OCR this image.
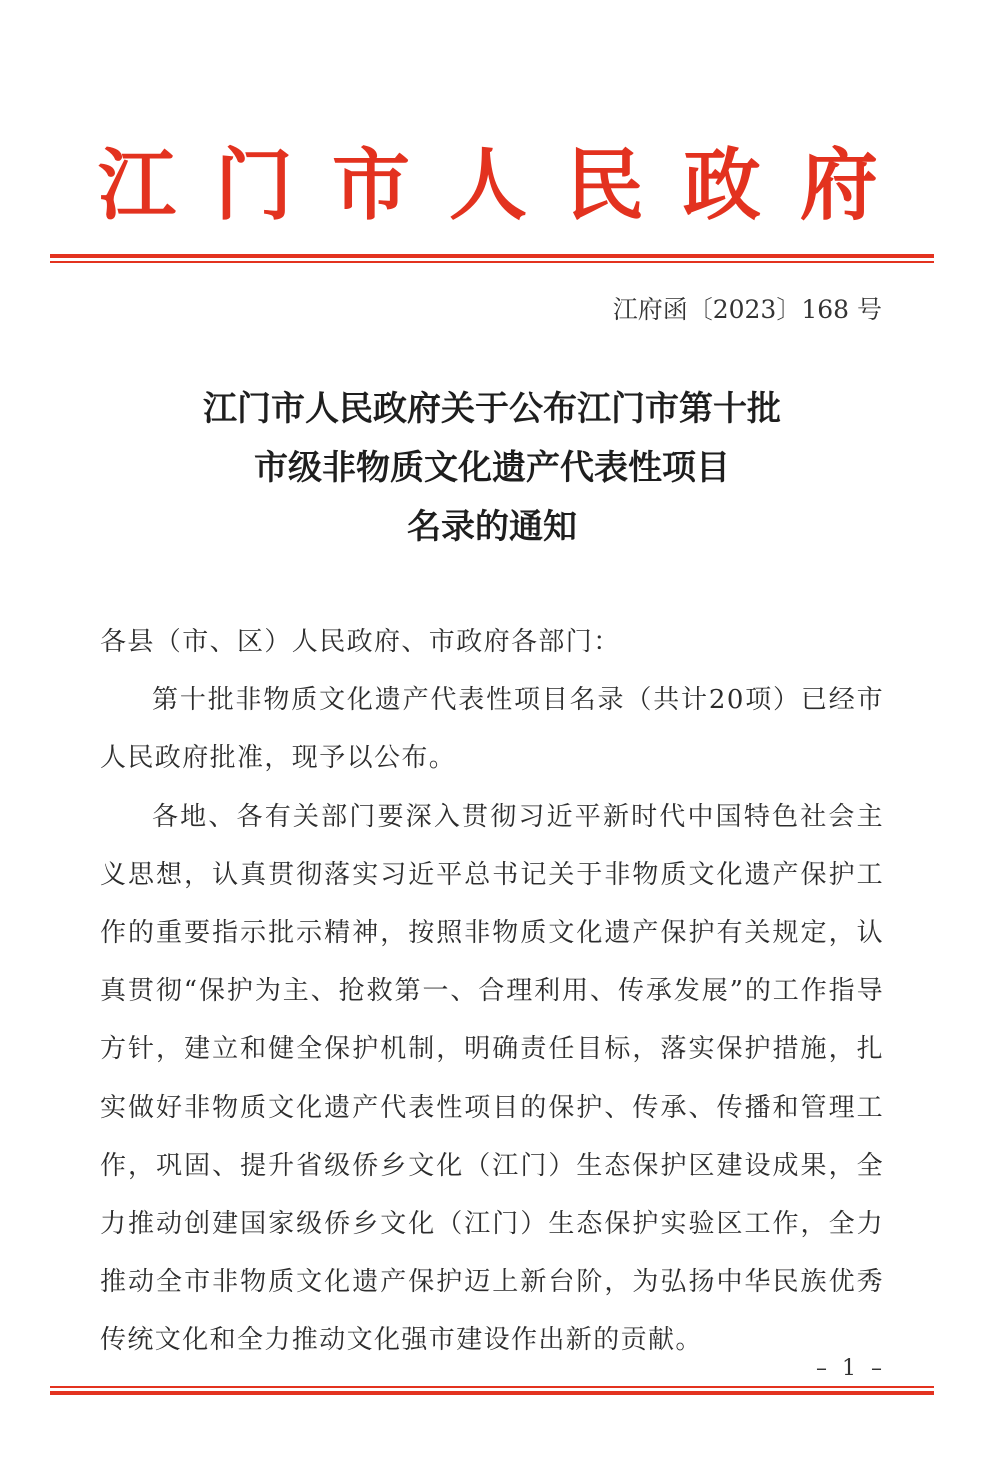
江 门 市 人 民 政 府
江府函〔2023〕168 号
江门市人民政府关于公布江门市第十批
市级非物质文化遗产代表性项目
名录的通知

各县（市、区）人民政府、市政府各部门：

第十批非物质文化遗产代表性项目名录（共计20项）已经市人民政府批准，现予以公布。

各地、各有关部门要深入贯彻习近平新时代中国特色社会主义思想，认真贯彻落实习近平总书记关于非物质文化遗产保护工作的重要指示批示精神，按照非物质文化遗产保护有关规定，认真贯彻“保护为主、抢救第一、合理利用、传承发展”的工作指导方针，建立和健全保护机制，明确责任目标，落实保护措施，扎实做好非物质文化遗产代表性项目的保护、传承、传播和管理工作，巩固、提升省级侨乡文化（江门）生态保护区建设成果，全力推动创建国家级侨乡文化（江门）生态保护实验区工作，全力推动全市非物质文化遗产保护迈上新台阶，为弘扬中华民族优秀传统文化和全力推动文化强市建设作出新的贡献。

– 1 –
